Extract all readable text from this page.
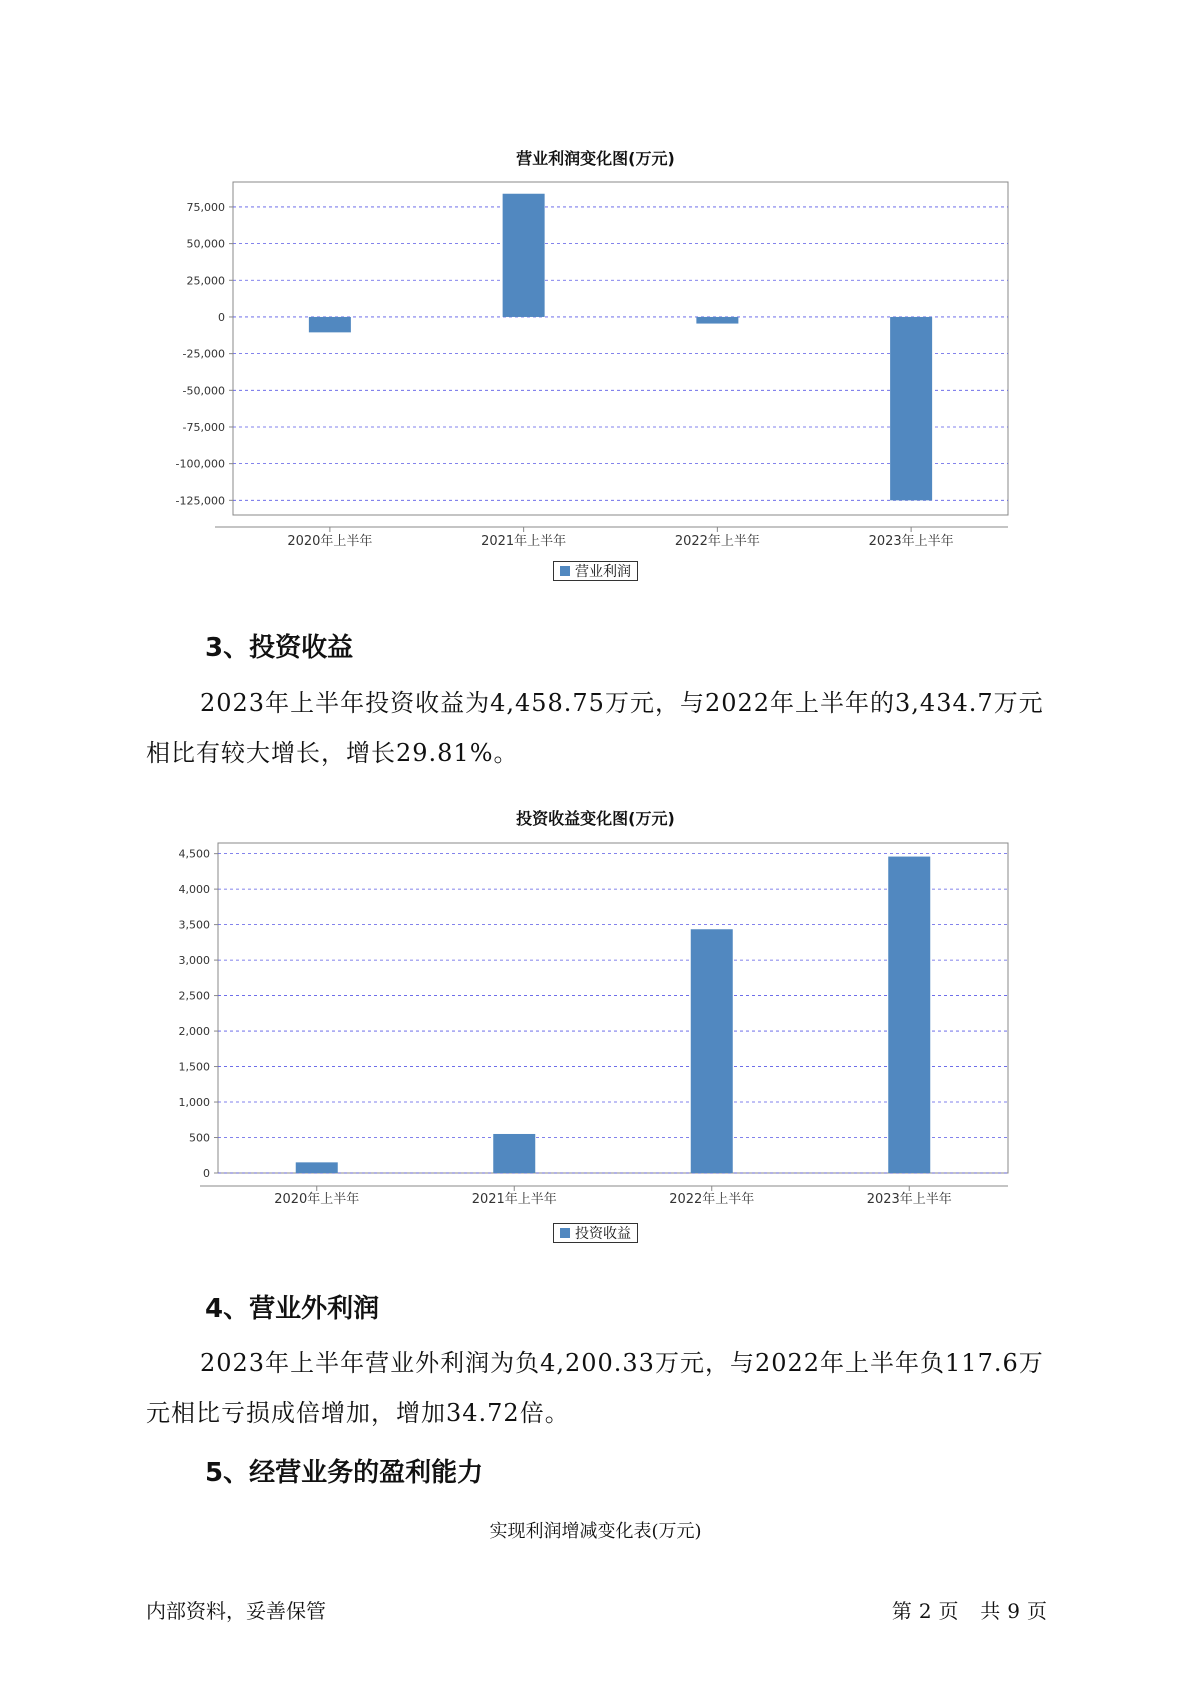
营业利润变化图(万元)
75,000
50,000
25,000
0
-25,000
-50,000
-75,000
-100,000
-125,000
2020年上半年	2021年上半年	2022年上半年	2023年上半年
营业利润
3、投资收益
2023年上半年投资收益为4,458.75万元，与2022年上半年的3,434.7万元相比有较大增长，增长29.81%。
投资收益变化图(万元)
4,500
4,000
3,500
3,000
2,500
2,000
1,500
1,000
500
0
2020年上半年	2021年上半年	2022年上半年	2023年上半年
投资收益
4、营业外利润
2023年上半年营业外利润为负4,200.33万元，与2022年上半年负117.6万元相比亏损成倍增加，增加34.72倍。
5、经营业务的盈利能力
实现利润增减变化表(万元)
内部资料，妥善保管	第 2 页 共 9 页
